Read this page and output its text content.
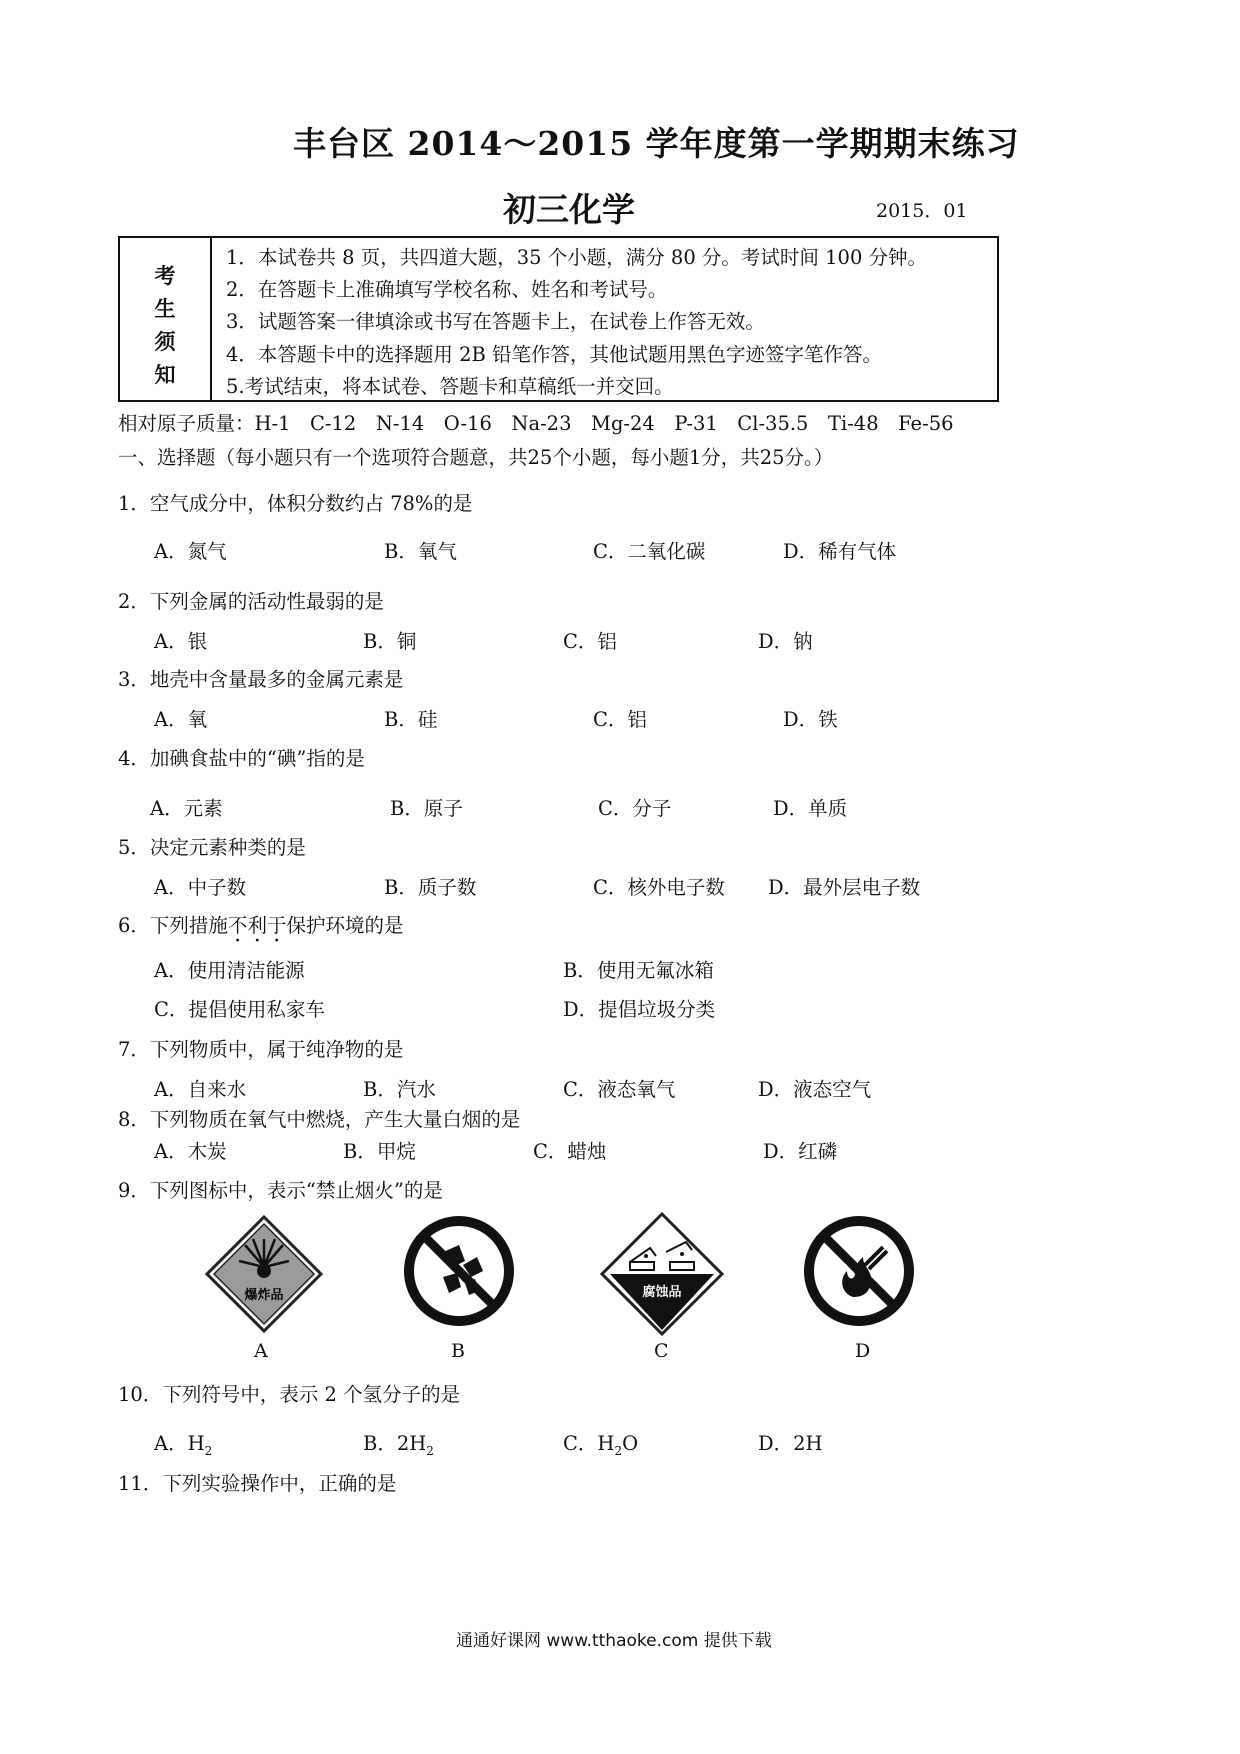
丰台区 2014～2015 学年度第一学期期末练习
初三化学	2015．01
考
生
须
知
1．本试卷共 8 页，共四道大题，35 个小题，满分 80 分。考试时间 100 分钟。
2．在答题卡上准确填写学校名称、姓名和考试号。
3．试题答案一律填涂或书写在答题卡上，在试卷上作答无效。
4．本答题卡中的选择题用 2B 铅笔作答，其他试题用黑色字迹签字笔作答。
5.考试结束，将本试卷、答题卡和草稿纸一并交回。
相对原子质量：H-1　C-12　N-14　O-16　Na-23　Mg-24　P-31　Cl-35.5　Ti-48　Fe-56
一、选择题（每小题只有一个选项符合题意，共25个小题，每小题1分，共25分。）
1．空气成分中，体积分数约占 78%的是
A．氮气	B．氧气	C．二氧化碳	D．稀有气体
2．下列金属的活动性最弱的是
A．银	B．铜	C．铝	D．钠
3．地壳中含量最多的金属元素是
A．氧	B．硅	C．铝	D．铁
4．加碘食盐中的“碘”指的是
A．元素	B．原子	C．分子	D．单质
5．决定元素种类的是
A．中子数	B．质子数	C．核外电子数 D．最外层电子数
6．下列措施不利于保护环境的是
A．使用清洁能源	B．使用无氟冰箱
C．提倡使用私家车	D．提倡垃圾分类
7．下列物质中，属于纯净物的是
A．自来水	B．汽水	C．液态氧气	D．液态空气
8．下列物质在氧气中燃烧，产生大量白烟的是
A．木炭	B．甲烷	C．蜡烛	D．红磷
9．下列图标中，表示“禁止烟火”的是
爆炸品	腐蚀品
A	B	C	D
10．下列符号中，表示 2 个氢分子的是
A．$H_2$	B．$2H_2$	C．$H_2O$	D．2H
11．下列实验操作中，正确的是
通通好课网 www.tthaoke.com 提供下载
